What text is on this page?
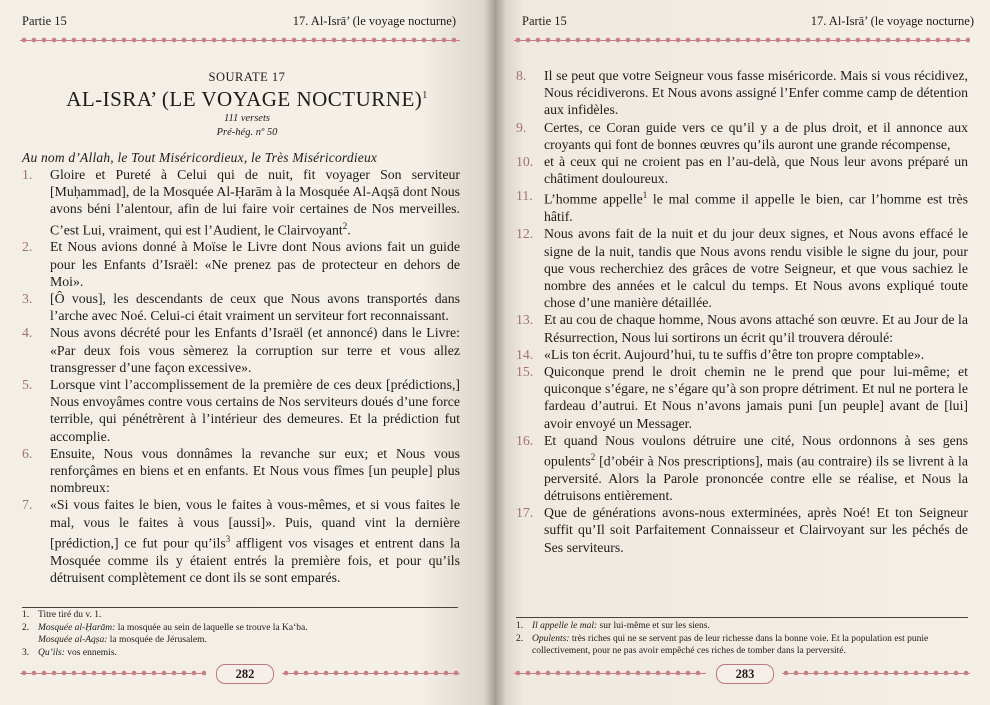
Partie 15	17. Al-Isrā’ (le voyage nocturne)
SOURATE 17
AL-ISRA’ (LE VOYAGE NOCTURNE)$^1$
111 versets
Pré-hég. nº 50
Au nom d’Allah, le Tout Miséricordieux, le Très Miséricordieux
1.	Gloire et Pureté à Celui qui de nuit, fit voyager Son serviteur [Muḥammad], de la Mosquée Al-Ḥarām à la Mosquée Al-Aqṣā dont Nous avons béni l’alentour, afin de lui faire voir certaines de Nos merveilles. C’est Lui, vraiment, qui est l’Audient, le Clairvoyant$^2$.
2.	Et Nous avions donné à Moïse le Livre dont Nous avions fait un guide pour les Enfants d’Israël: «Ne prenez pas de protecteur en dehors de Moi».
3.	[Ô vous], les descendants de ceux que Nous avons transportés dans l’arche avec Noé. Celui-ci était vraiment un serviteur fort reconnaissant.
4.	Nous avons décrété pour les Enfants d’Israël (et annoncé) dans le Livre: «Par deux fois vous sèmerez la corruption sur terre et vous allez transgresser d’une façon excessive».
5.	Lorsque vint l’accomplissement de la première de ces deux [prédictions,] Nous envoyâmes contre vous certains de Nos serviteurs doués d’une force terrible, qui pénétrèrent à l’intérieur des demeures. Et la prédiction fut accomplie.
6.	Ensuite, Nous vous donnâmes la revanche sur eux; et Nous vous renforçâmes en biens et en enfants. Et Nous vous fîmes [un peuple] plus nombreux:
7.	«Si vous faites le bien, vous le faites à vous-mêmes, et si vous faites le mal, vous le faites à vous [aussi]». Puis, quand vint la dernière [prédiction,] ce fut pour qu’ils$^3$ affligent vos visages et entrent dans la Mosquée comme ils y étaient entrés la première fois, et pour qu’ils détruisent complètement ce dont ils se sont emparés.
1. Titre tiré du v. 1.
2. Mosquée al-Ḥarām: la mosquée au sein de laquelle se trouve la Ka‘ba.
Mosquée al-Aqṣa: la mosquée de Jérusalem.
3. Qu’ils: vos ennemis.
282
Partie 15	17. Al-Isrā’ (le voyage nocturne)
8.	Il se peut que votre Seigneur vous fasse miséricorde. Mais si vous récidivez, Nous récidiverons. Et Nous avons assigné l’Enfer comme camp de détention aux infidèles.
9.	Certes, ce Coran guide vers ce qu’il y a de plus droit, et il annonce aux croyants qui font de bonnes œuvres qu’ils auront une grande récompense,
10. et à ceux qui ne croient pas en l’au-delà, que Nous leur avons préparé un châtiment douloureux.
11. L’homme appelle$^1$ le mal comme il appelle le bien, car l’homme est très hâtif.
12. Nous avons fait de la nuit et du jour deux signes, et Nous avons effacé le signe de la nuit, tandis que Nous avons rendu visible le signe du jour, pour que vous recherchiez des grâces de votre Seigneur, et que vous sachiez le nombre des années et le calcul du temps. Et Nous avons expliqué toute chose d’une manière détaillée.
13. Et au cou de chaque homme, Nous avons attaché son œuvre. Et au Jour de la Résurrection, Nous lui sortirons un écrit qu’il trouvera déroulé:
14. «Lis ton écrit. Aujourd’hui, tu te suffis d’être ton propre comptable».
15. Quiconque prend le droit chemin ne le prend que pour lui-même; et quiconque s’égare, ne s’égare qu’à son propre détriment. Et nul ne portera le fardeau d’autrui. Et Nous n’avons jamais puni [un peuple] avant de [lui] avoir envoyé un Messager.
16. Et quand Nous voulons détruire une cité, Nous ordonnons à ses gens opulents$^2$ [d’obéir à Nos prescriptions], mais (au contraire) ils se livrent à la perversité. Alors la Parole prononcée contre elle se réalise, et Nous la détruisons entièrement.
17. Que de générations avons-nous exterminées, après Noé! Et ton Seigneur suffit qu’Il soit Parfaitement Connaisseur et Clairvoyant sur les péchés de Ses serviteurs.
1. Il appelle le mal: sur lui-même et sur les siens.
2. Opulents: très riches qui ne se servent pas de leur richesse dans la bonne voie. Et la population est punie collectivement, pour ne pas avoir empêché ces riches de tomber dans la perversité.
283
